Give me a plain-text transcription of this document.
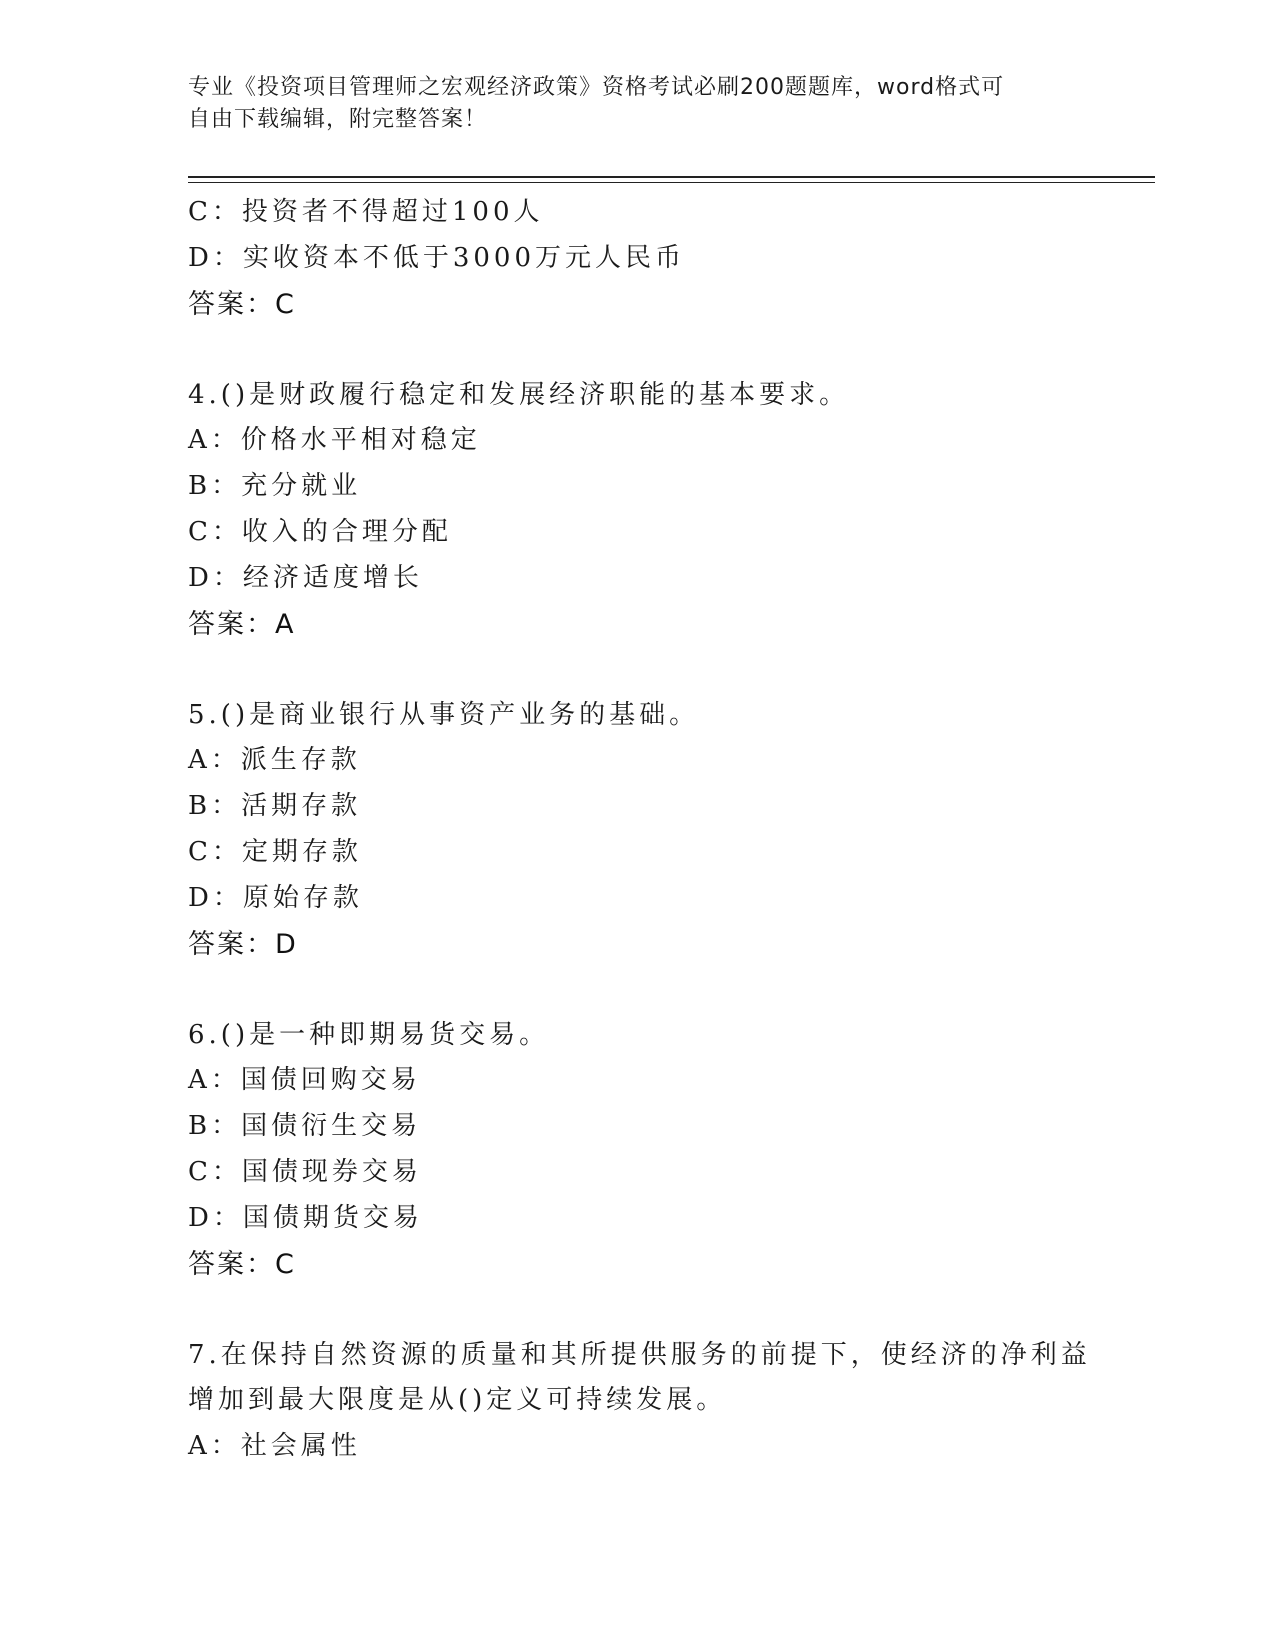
专业《投资项目管理师之宏观经济政策》资格考试必刷200题题库，word格式可
自由下载编辑，附完整答案！
C：投资者不得超过100人
D：实收资本不低于3000万元人民币
答案：C
4.()是财政履行稳定和发展经济职能的基本要求。
A：价格水平相对稳定
B：充分就业
C：收入的合理分配
D：经济适度增长
答案：A
5.()是商业银行从事资产业务的基础。
A：派生存款
B：活期存款
C：定期存款
D：原始存款
答案：D
6.()是一种即期易货交易。
A：国债回购交易
B：国债衍生交易
C：国债现券交易
D：国债期货交易
答案：C
7.在保持自然资源的质量和其所提供服务的前提下，使经济的净利益
增加到最大限度是从()定义可持续发展。
A：社会属性
